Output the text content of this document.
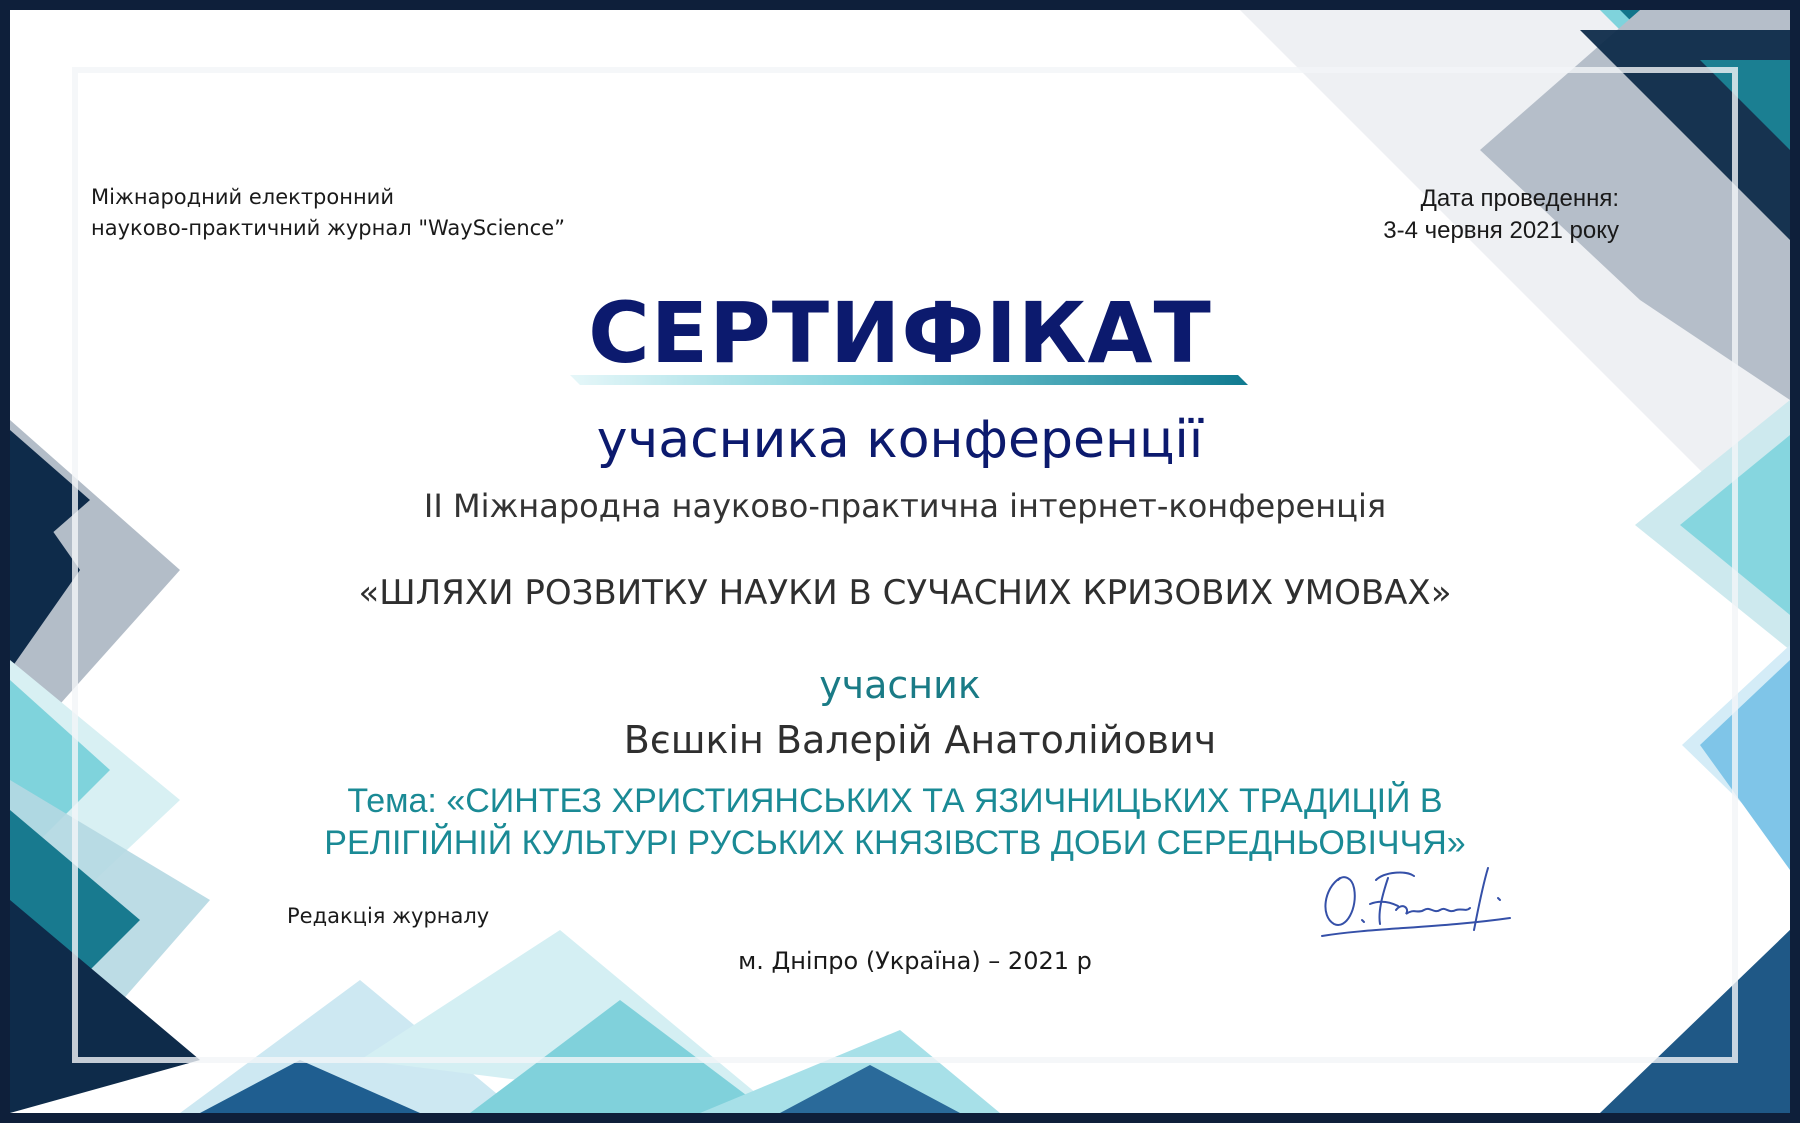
Міжнародний електронний
науково-практичний журнал "WayScience”
Дата проведення:
3-4 червня 2021 року
СЕРТИФІКАТ
учасника конференції
ІІ Міжнародна науково-практична інтернет-конференція
«ШЛЯХИ РОЗВИТКУ НАУКИ В СУЧАСНИХ КРИЗОВИХ УМОВАХ»
учасник
Вєшкін Валерій Анатолійович
Тема: «СИНТЕЗ ХРИСТИЯНСЬКИХ ТА ЯЗИЧНИЦЬКИХ ТРАДИЦІЙ В
РЕЛІГІЙНІЙ КУЛЬТУРІ РУСЬКИХ КНЯЗІВСТВ ДОБИ СЕРЕДНЬОВІЧЧЯ»
Редакція журналу
м. Дніпро (Україна) – 2021 р
